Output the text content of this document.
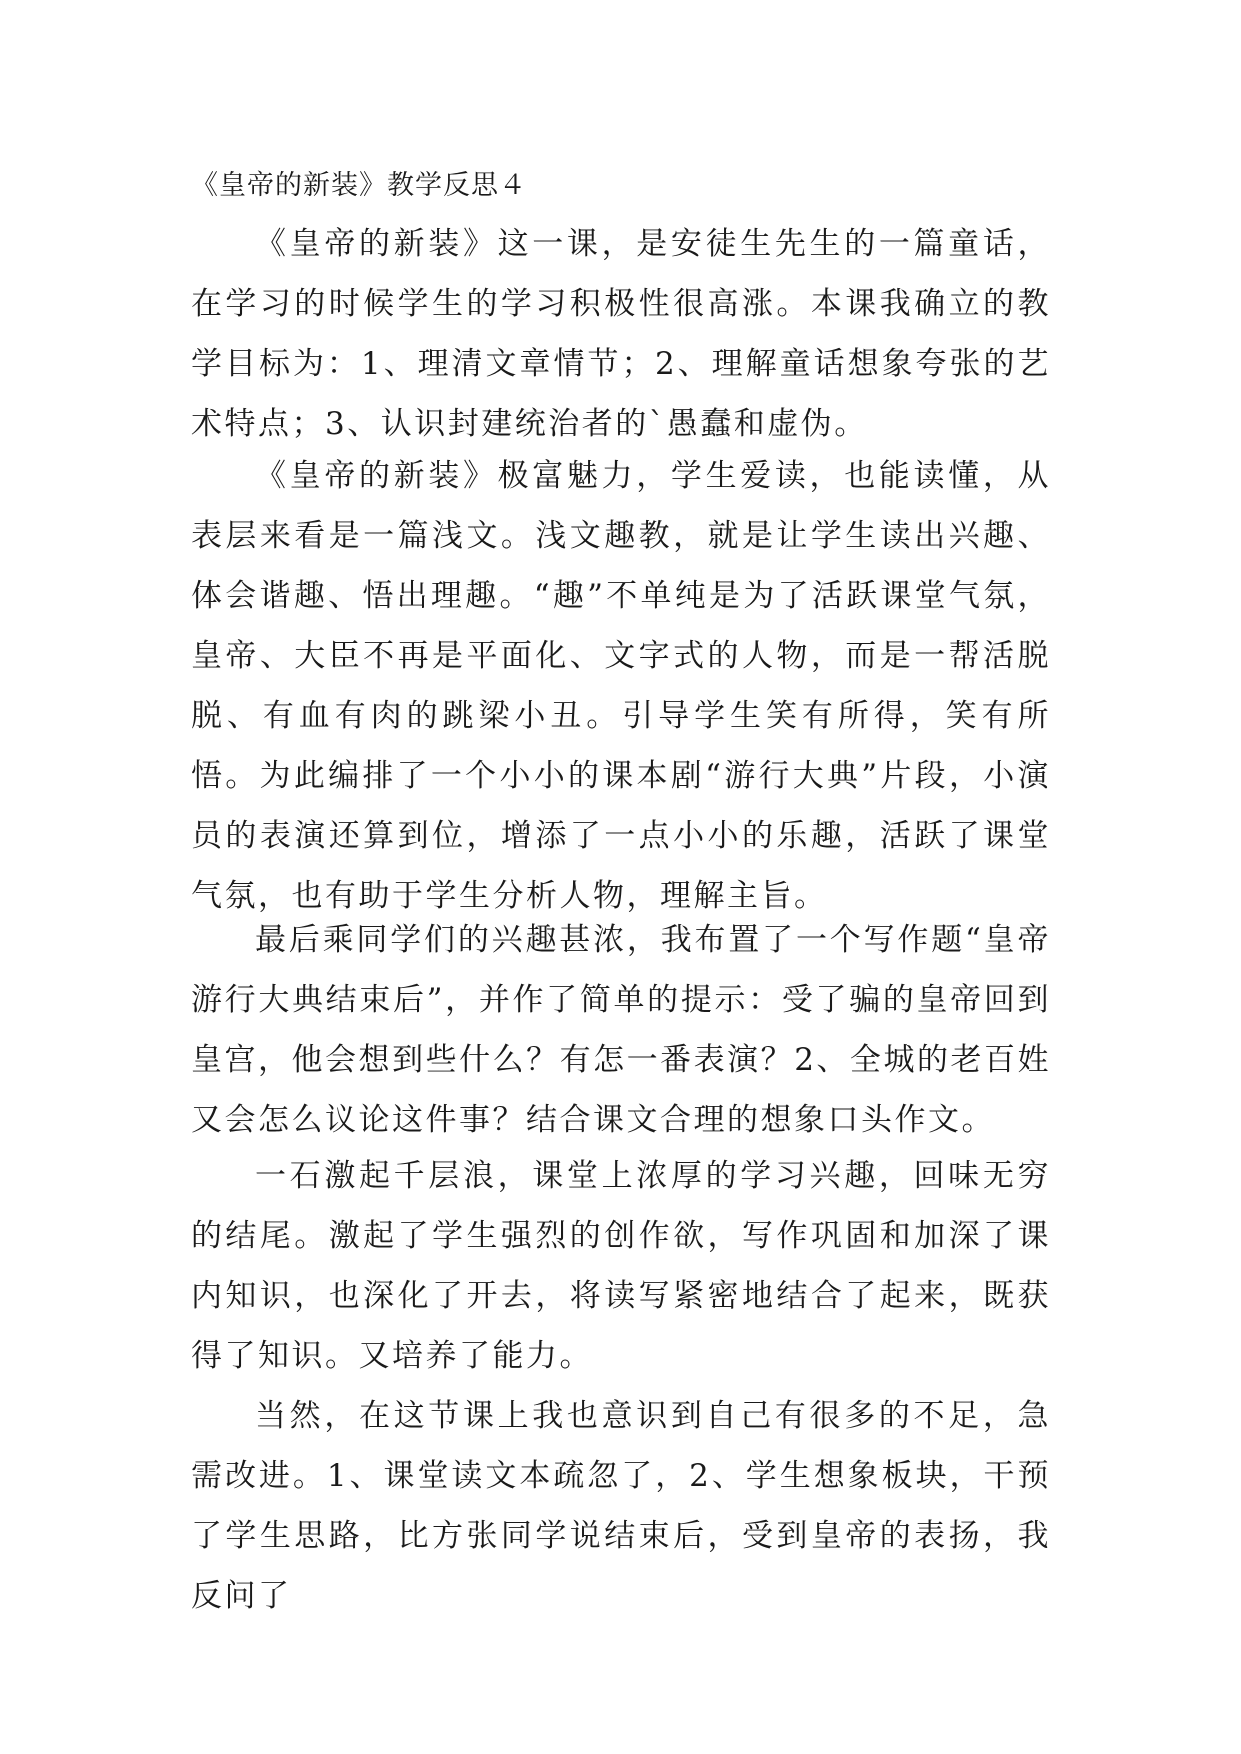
《皇帝的新装》教学反思４

《皇帝的新装》这一课，是安徒生先生的一篇童话，在学习的时候学生的学习积极性很高涨。本课我确立的教学目标为：1、理清文章情节；2、理解童话想象夸张的艺术特点；3、认识封建统治者的`愚蠢和虚伪。

《皇帝的新装》极富魅力，学生爱读，也能读懂，从表层来看是一篇浅文。浅文趣教，就是让学生读出兴趣、体会谐趣、悟出理趣。“趣”不单纯是为了活跃课堂气氛，皇帝、大臣不再是平面化、文字式的人物，而是一帮活脱脱、有血有肉的跳梁小丑。引导学生笑有所得，笑有所悟。为此编排了一个小小的课本剧“游行大典”片段，小演员的表演还算到位，增添了一点小小的乐趣，活跃了课堂气氛，也有助于学生分析人物，理解主旨。

最后乘同学们的兴趣甚浓，我布置了一个写作题“皇帝游行大典结束后”，并作了简单的提示：受了骗的皇帝回到皇宫，他会想到些什么？有怎一番表演？2、全城的老百姓又会怎么议论这件事？结合课文合理的想象口头作文。

一石激起千层浪，课堂上浓厚的学习兴趣，回味无穷的结尾。激起了学生强烈的创作欲，写作巩固和加深了课内知识，也深化了开去，将读写紧密地结合了起来，既获得了知识。又培养了能力。

当然，在这节课上我也意识到自己有很多的不足，急需改进。1、课堂读文本疏忽了，2、学生想象板块，干预了学生思路，比方张同学说结束后，受到皇帝的表扬，我反问了
